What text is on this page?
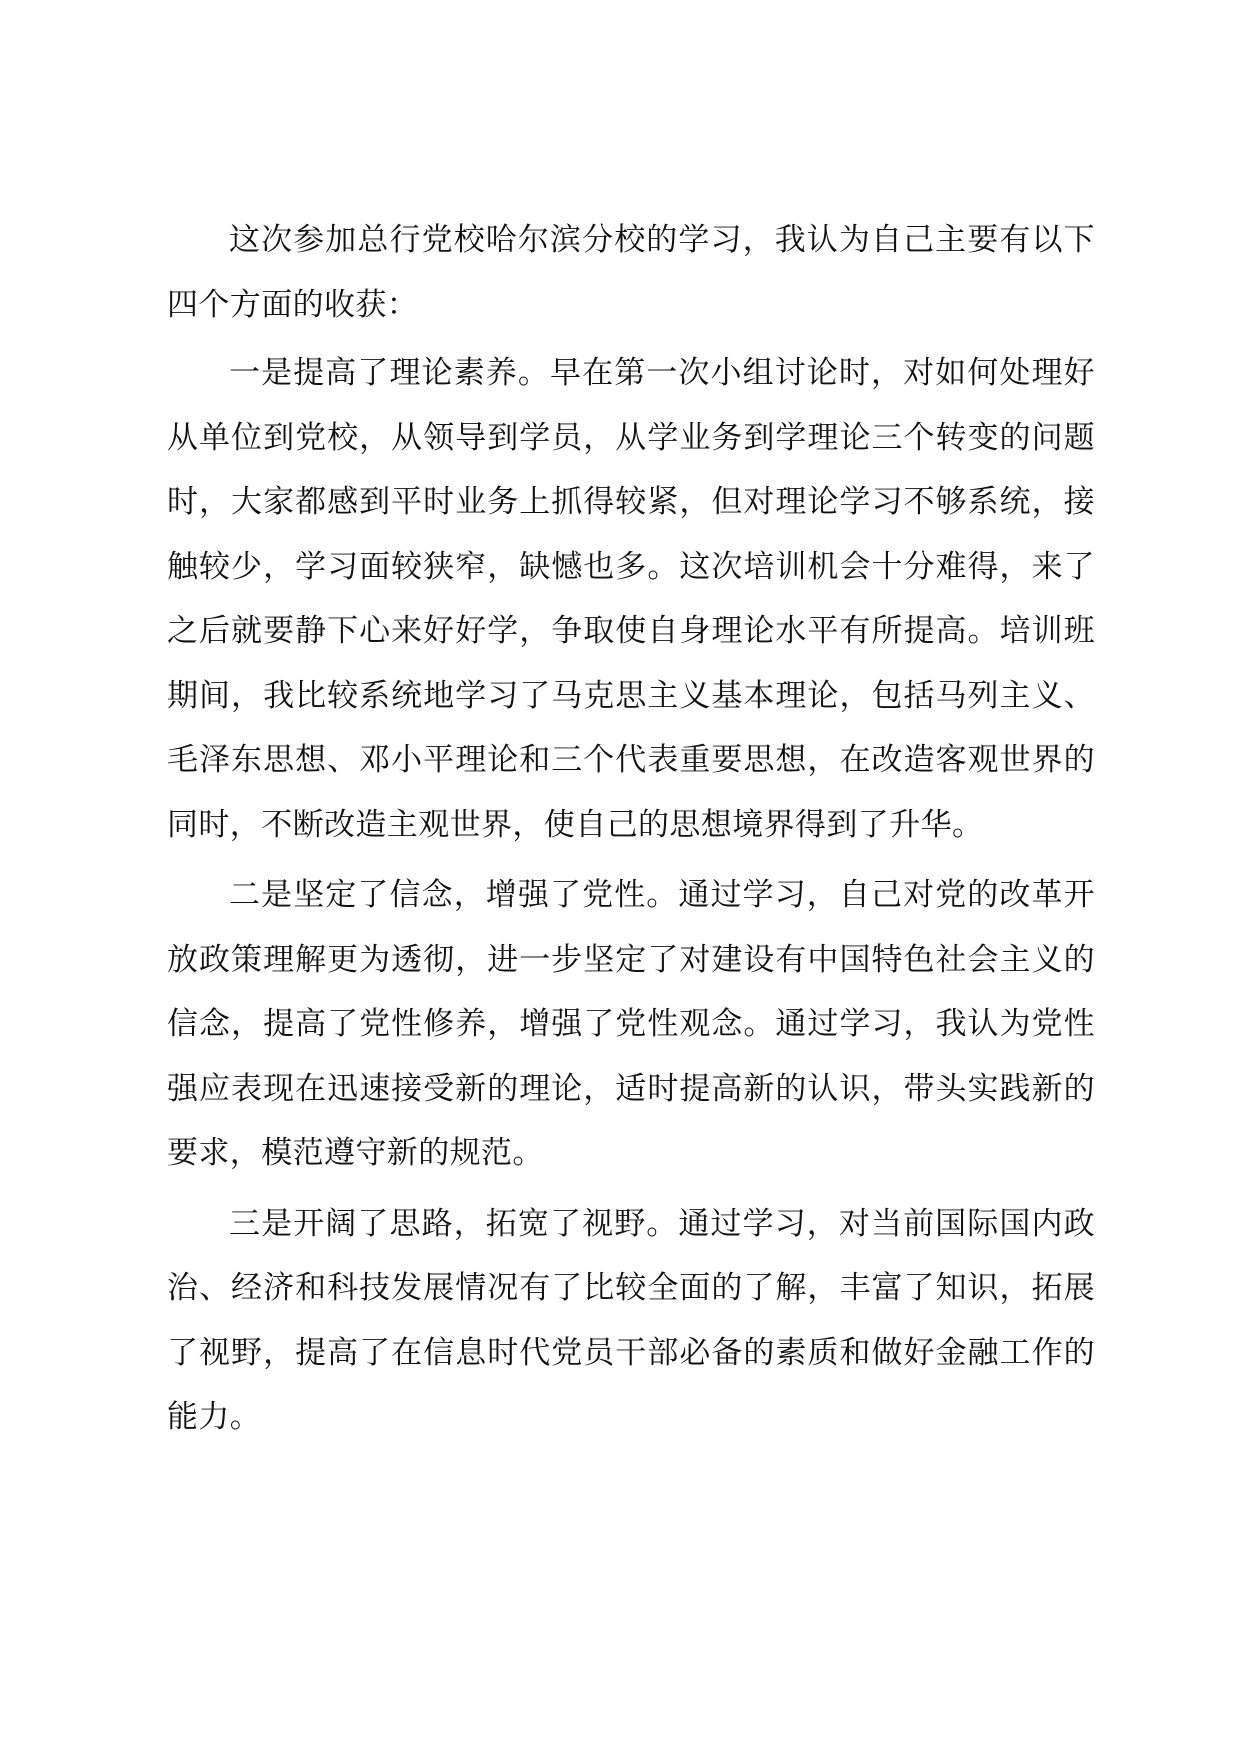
这次参加总行党校哈尔滨分校的学习，我认为自己主要有以下四个方面的收获：

一是提高了理论素养。早在第一次小组讨论时，对如何处理好从单位到党校，从领导到学员，从学业务到学理论三个转变的问题时，大家都感到平时业务上抓得较紧，但对理论学习不够系统，接触较少，学习面较狭窄，缺憾也多。这次培训机会十分难得，来了之后就要静下心来好好学，争取使自身理论水平有所提高。培训班期间，我比较系统地学习了马克思主义基本理论，包括马列主义、毛泽东思想、邓小平理论和三个代表重要思想，在改造客观世界的同时，不断改造主观世界，使自己的思想境界得到了升华。

二是坚定了信念，增强了党性。通过学习，自己对党的改革开放政策理解更为透彻，进一步坚定了对建设有中国特色社会主义的信念，提高了党性修养，增强了党性观念。通过学习，我认为党性强应表现在迅速接受新的理论，适时提高新的认识，带头实践新的要求，模范遵守新的规范。

三是开阔了思路，拓宽了视野。通过学习，对当前国际国内政治、经济和科技发展情况有了比较全面的了解，丰富了知识，拓展了视野，提高了在信息时代党员干部必备的素质和做好金融工作的能力。
